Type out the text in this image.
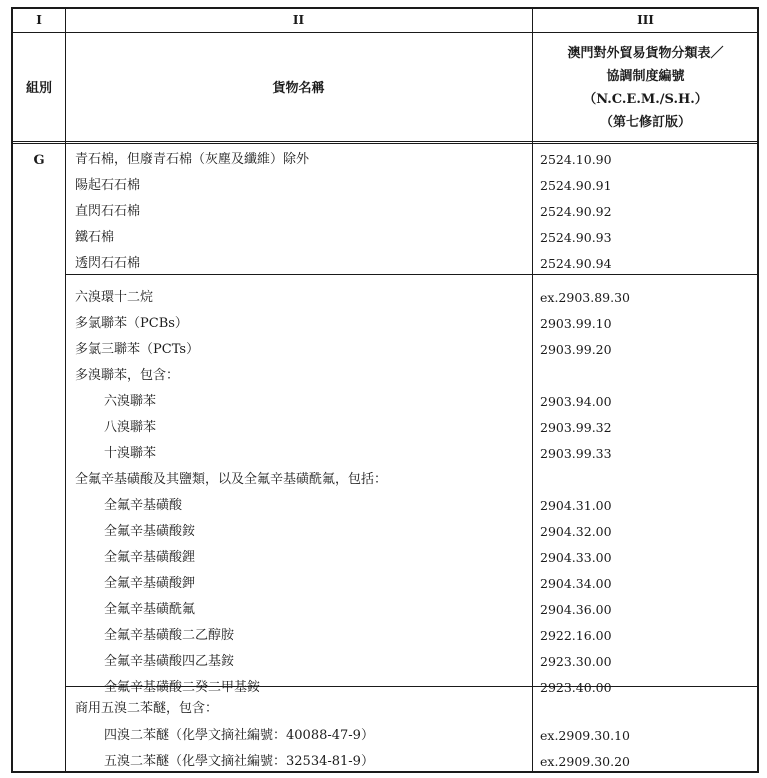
I	II	III
組別	貨物名稱
澳門對外貿易貨物分類表／
協調制度編號
（N.C.E.M./S.H.）
（第七修訂版）
G	青石棉，但廢青石棉（灰塵及纖維）除外	2524.10.90
陽起石石棉	2524.90.91
直閃石石棉	2524.90.92
鐵石棉	2524.90.93
透閃石石棉	2524.90.94
六溴環十二烷	ex.2903.89.30
多氯聯苯（PCBs）	2903.99.10
多氯三聯苯（PCTs）	2903.99.20
多溴聯苯，包含：
六溴聯苯	2903.94.00
八溴聯苯	2903.99.32
十溴聯苯	2903.99.33
全氟辛基磺酸及其鹽類，以及全氟辛基磺酰氟，包括：
全氟辛基磺酸	2904.31.00
全氟辛基磺酸銨	2904.32.00
全氟辛基磺酸鋰	2904.33.00
全氟辛基磺酸鉀	2904.34.00
全氟辛基磺酰氟	2904.36.00
全氟辛基磺酸二乙醇胺	2922.16.00
全氟辛基磺酸四乙基銨	2923.30.00
全氟辛基磺酸二癸二甲基銨	2923.40.00
商用五溴二苯醚，包含：
四溴二苯醚（化學文摘社編號：40088-47-9）	ex.2909.30.10
五溴二苯醚（化學文摘社編號：32534-81-9）	ex.2909.30.20
